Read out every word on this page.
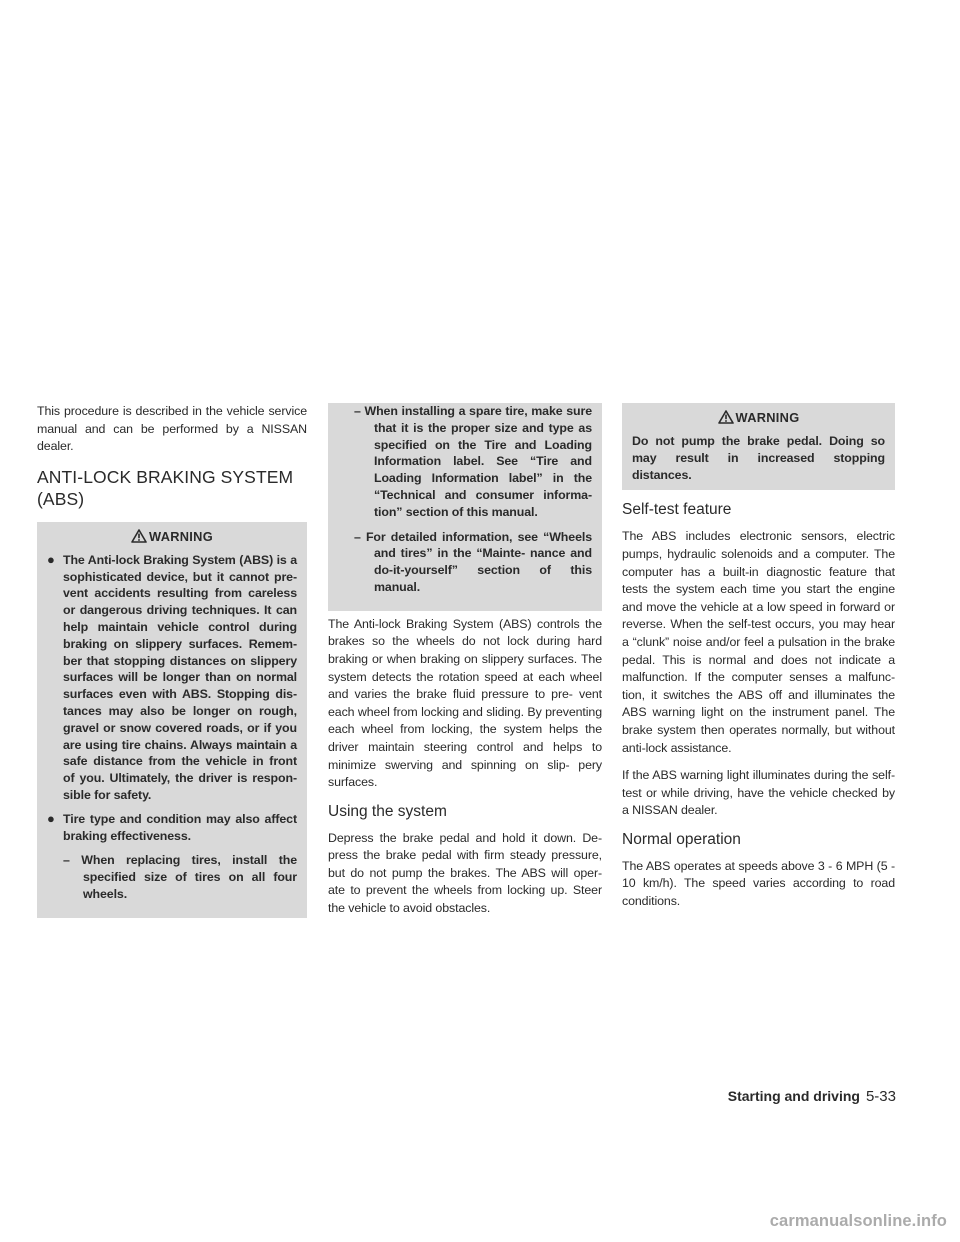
This procedure is described in the vehicle service manual and can be performed by a NISSAN dealer.

ANTI-LOCK BRAKING SYSTEM
(ABS)
WARNING
● The Anti-lock Braking System (ABS) is a sophisticated device, but it cannot pre- vent accidents resulting from careless or dangerous driving techniques. It can help maintain vehicle control during braking on slippery surfaces. Remem- ber that stopping distances on slippery surfaces will be longer than on normal surfaces even with ABS. Stopping dis- tances may also be longer on rough, gravel or snow covered roads, or if you are using tire chains. Always maintain a safe distance from the vehicle in front of you. Ultimately, the driver is respon- sible for safety.
● Tire type and condition may also affect braking effectiveness.
– When replacing tires, install the specified size of tires on all four wheels.
– When installing a spare tire, make sure that it is the proper size and type as specified on the Tire and Loading Information label. See “Tire and Loading Information label” in the “Technical and consumer informa- tion” section of this manual.
– For detailed information, see “Wheels and tires” in the “Mainte- nance and do-it-yourself” section of this manual.

The Anti-lock Braking System (ABS) controls the brakes so the wheels do not lock during hard braking or when braking on slippery surfaces. The system detects the rotation speed at each wheel and varies the brake fluid pressure to pre- vent each wheel from locking and sliding. By preventing each wheel from locking, the system helps the driver maintain steering control and helps to minimize swerving and spinning on slip- pery surfaces.

Using the system

Depress the brake pedal and hold it down. De- press the brake pedal with firm steady pressure, but do not pump the brakes. The ABS will oper- ate to prevent the wheels from locking up. Steer the vehicle to avoid obstacles.

WARNING

Do not pump the brake pedal. Doing so may result in increased stopping distances.

Self-test feature

The ABS includes electronic sensors, electric pumps, hydraulic solenoids and a computer. The computer has a built-in diagnostic feature that tests the system each time you start the engine and move the vehicle at a low speed in forward or reverse. When the self-test occurs, you may hear a “clunk” noise and/or feel a pulsation in the brake pedal. This is normal and does not indicate a malfunction. If the computer senses a malfunc- tion, it switches the ABS off and illuminates the ABS warning light on the instrument panel. The brake system then operates normally, but without anti-lock assistance.

If the ABS warning light illuminates during the self-test or while driving, have the vehicle checked by a NISSAN dealer.

Normal operation

The ABS operates at speeds above 3 - 6 MPH (5 - 10 km/h). The speed varies according to road conditions.

Starting and driving 5-33
carmanualsonline.info
